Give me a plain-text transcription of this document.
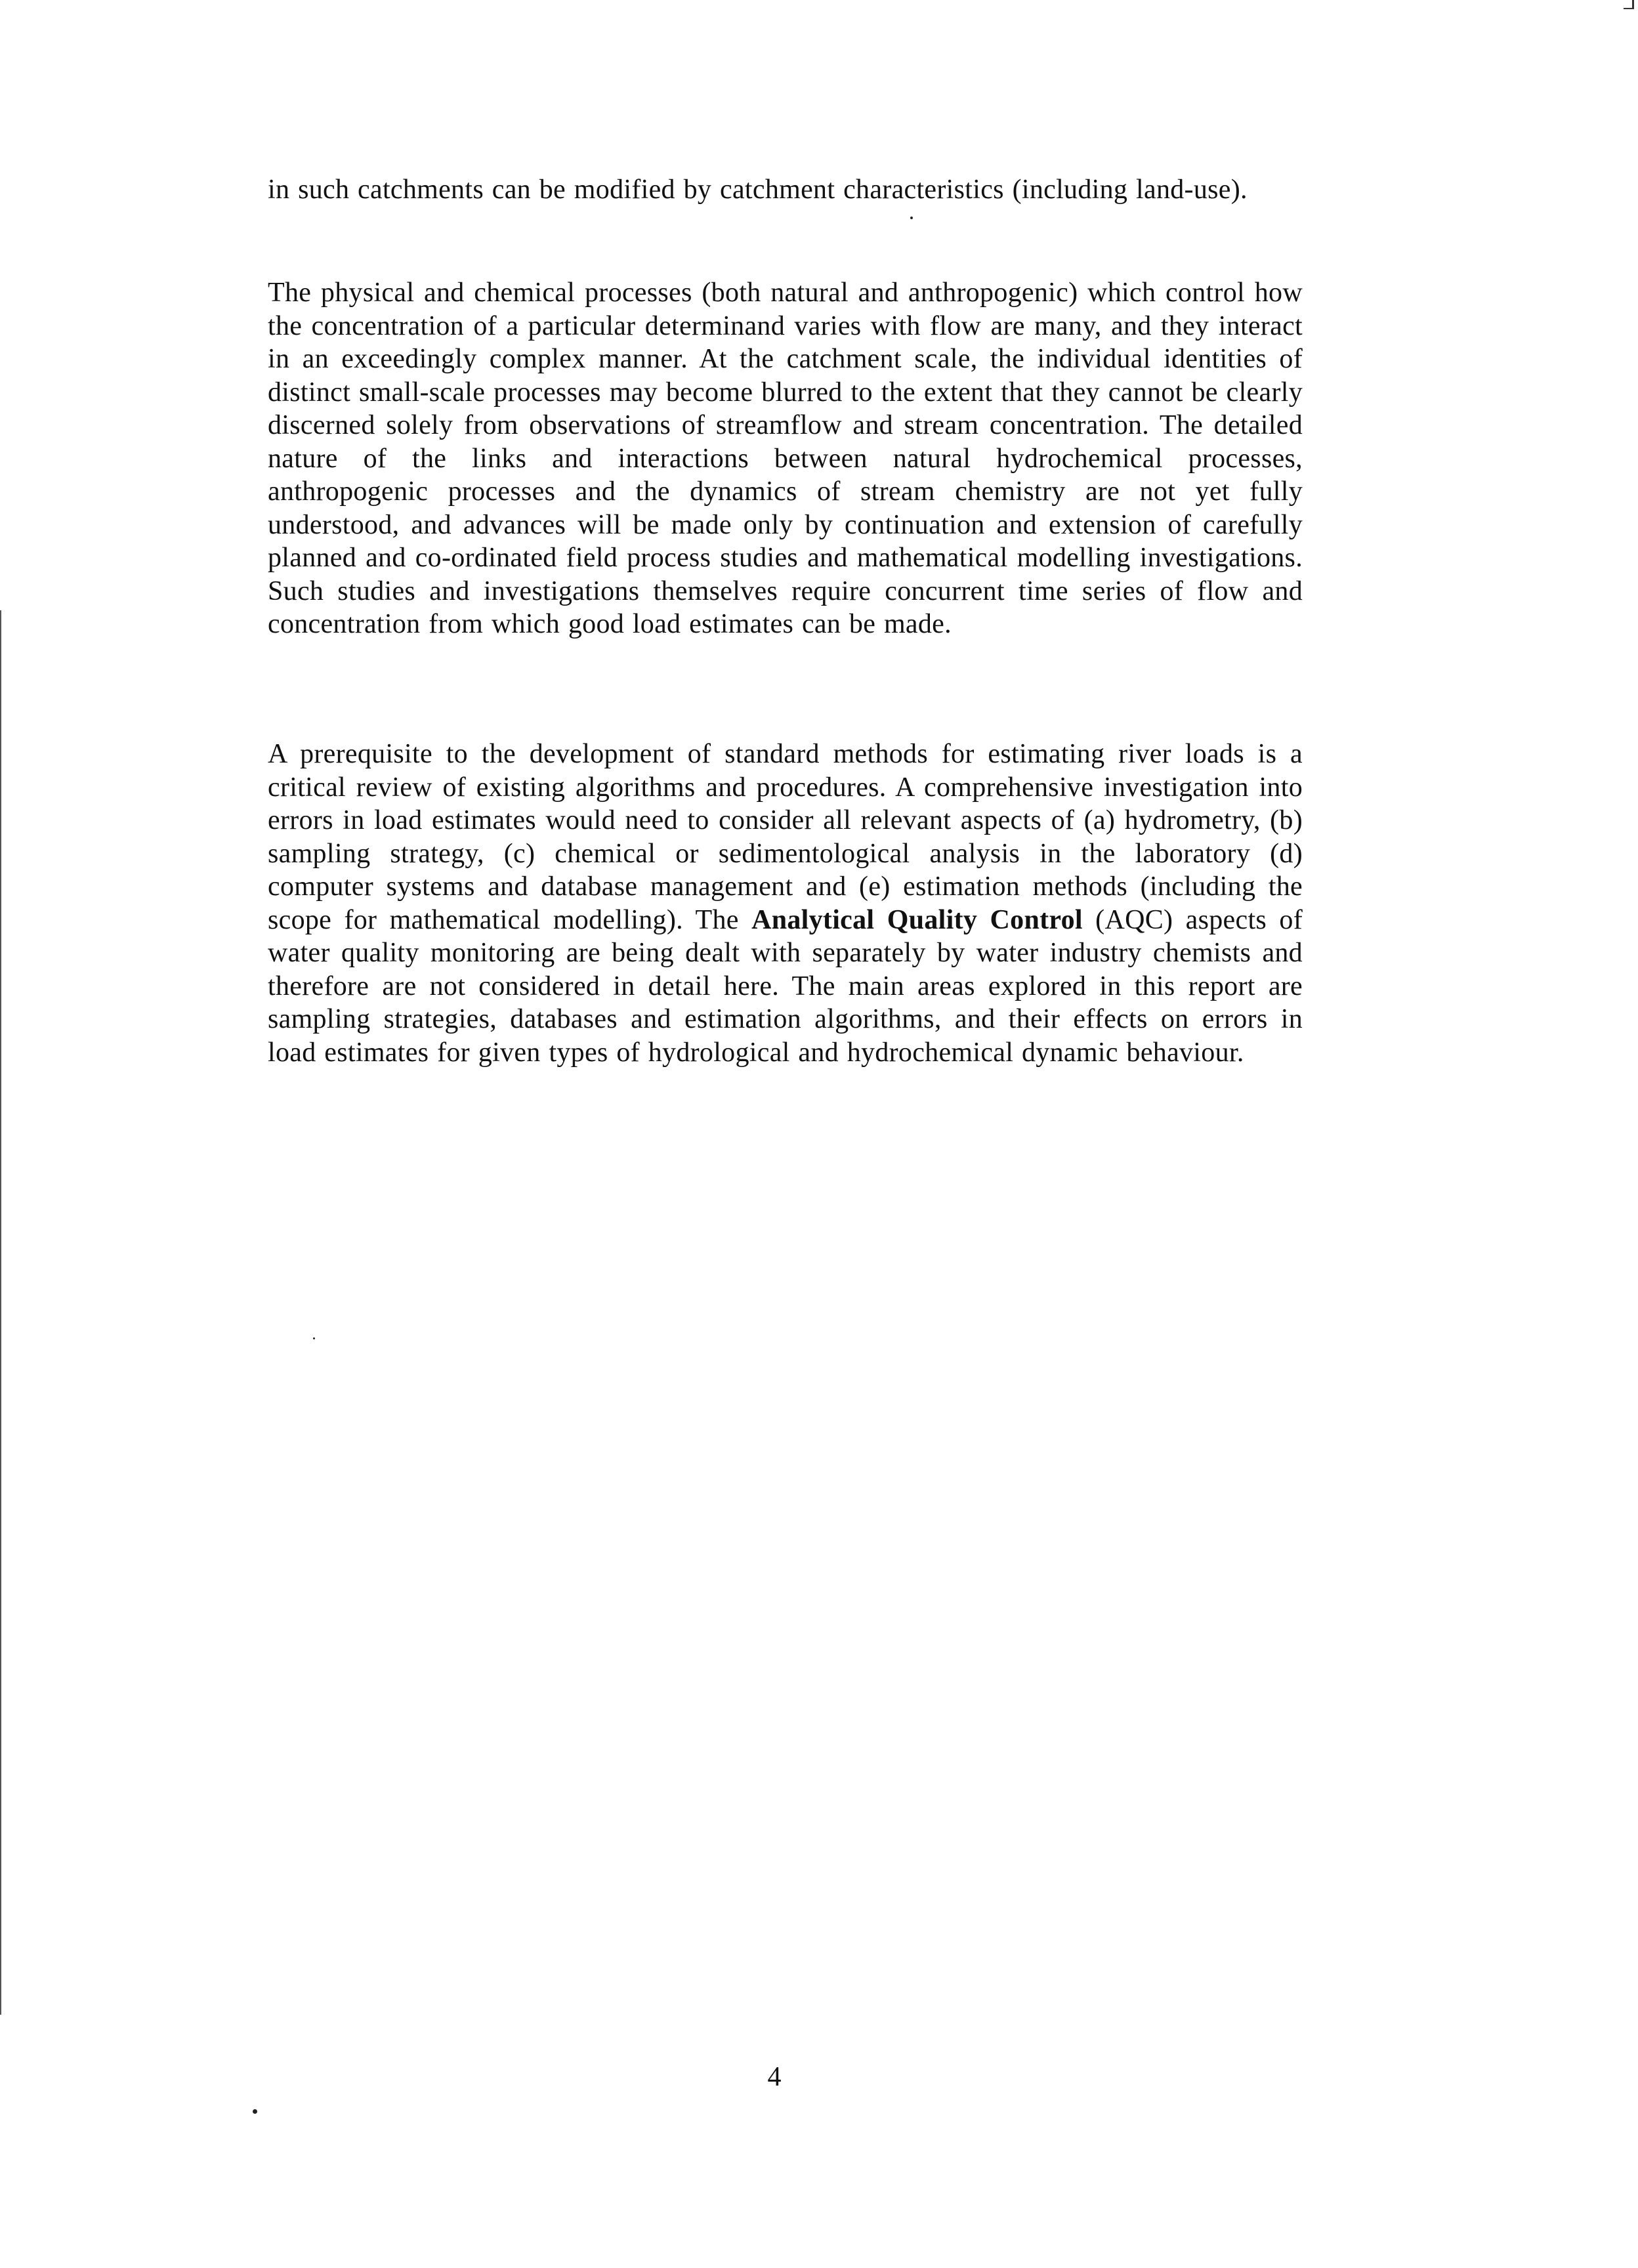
in such catchments can be modified by catchment characteristics (including land-use).

The physical and chemical processes (both natural and anthropogenic) which control how the concentration of a particular determinand varies with flow are many, and they interact in an exceedingly complex manner. At the catchment scale, the individual identities of distinct small-scale processes may become blurred to the extent that they cannot be clearly discerned solely from observations of streamflow and stream concentration. The detailed nature of the links and interactions between natural hydrochemical processes, anthropogenic processes and the dynamics of stream chemistry are not yet fully understood, and advances will be made only by continuation and extension of carefully planned and co-ordinated field process studies and mathematical modelling investigations. Such studies and investigations themselves require concurrent time series of flow and concentration from which good load estimates can be made.

A prerequisite to the development of standard methods for estimating river loads is a critical review of existing algorithms and procedures. A comprehensive investigation into errors in load estimates would need to consider all relevant aspects of (a) hydrometry, (b) sampling strategy, (c) chemical or sedimentological analysis in the laboratory (d) computer systems and database management and (e) estimation methods (including the scope for mathematical modelling). The Analytical Quality Control (AQC) aspects of water quality monitoring are being dealt with separately by water industry chemists and therefore are not considered in detail here. The main areas explored in this report are sampling strategies, databases and estimation algorithms, and their effects on errors in load estimates for given types of hydrological and hydrochemical dynamic behaviour.

4
